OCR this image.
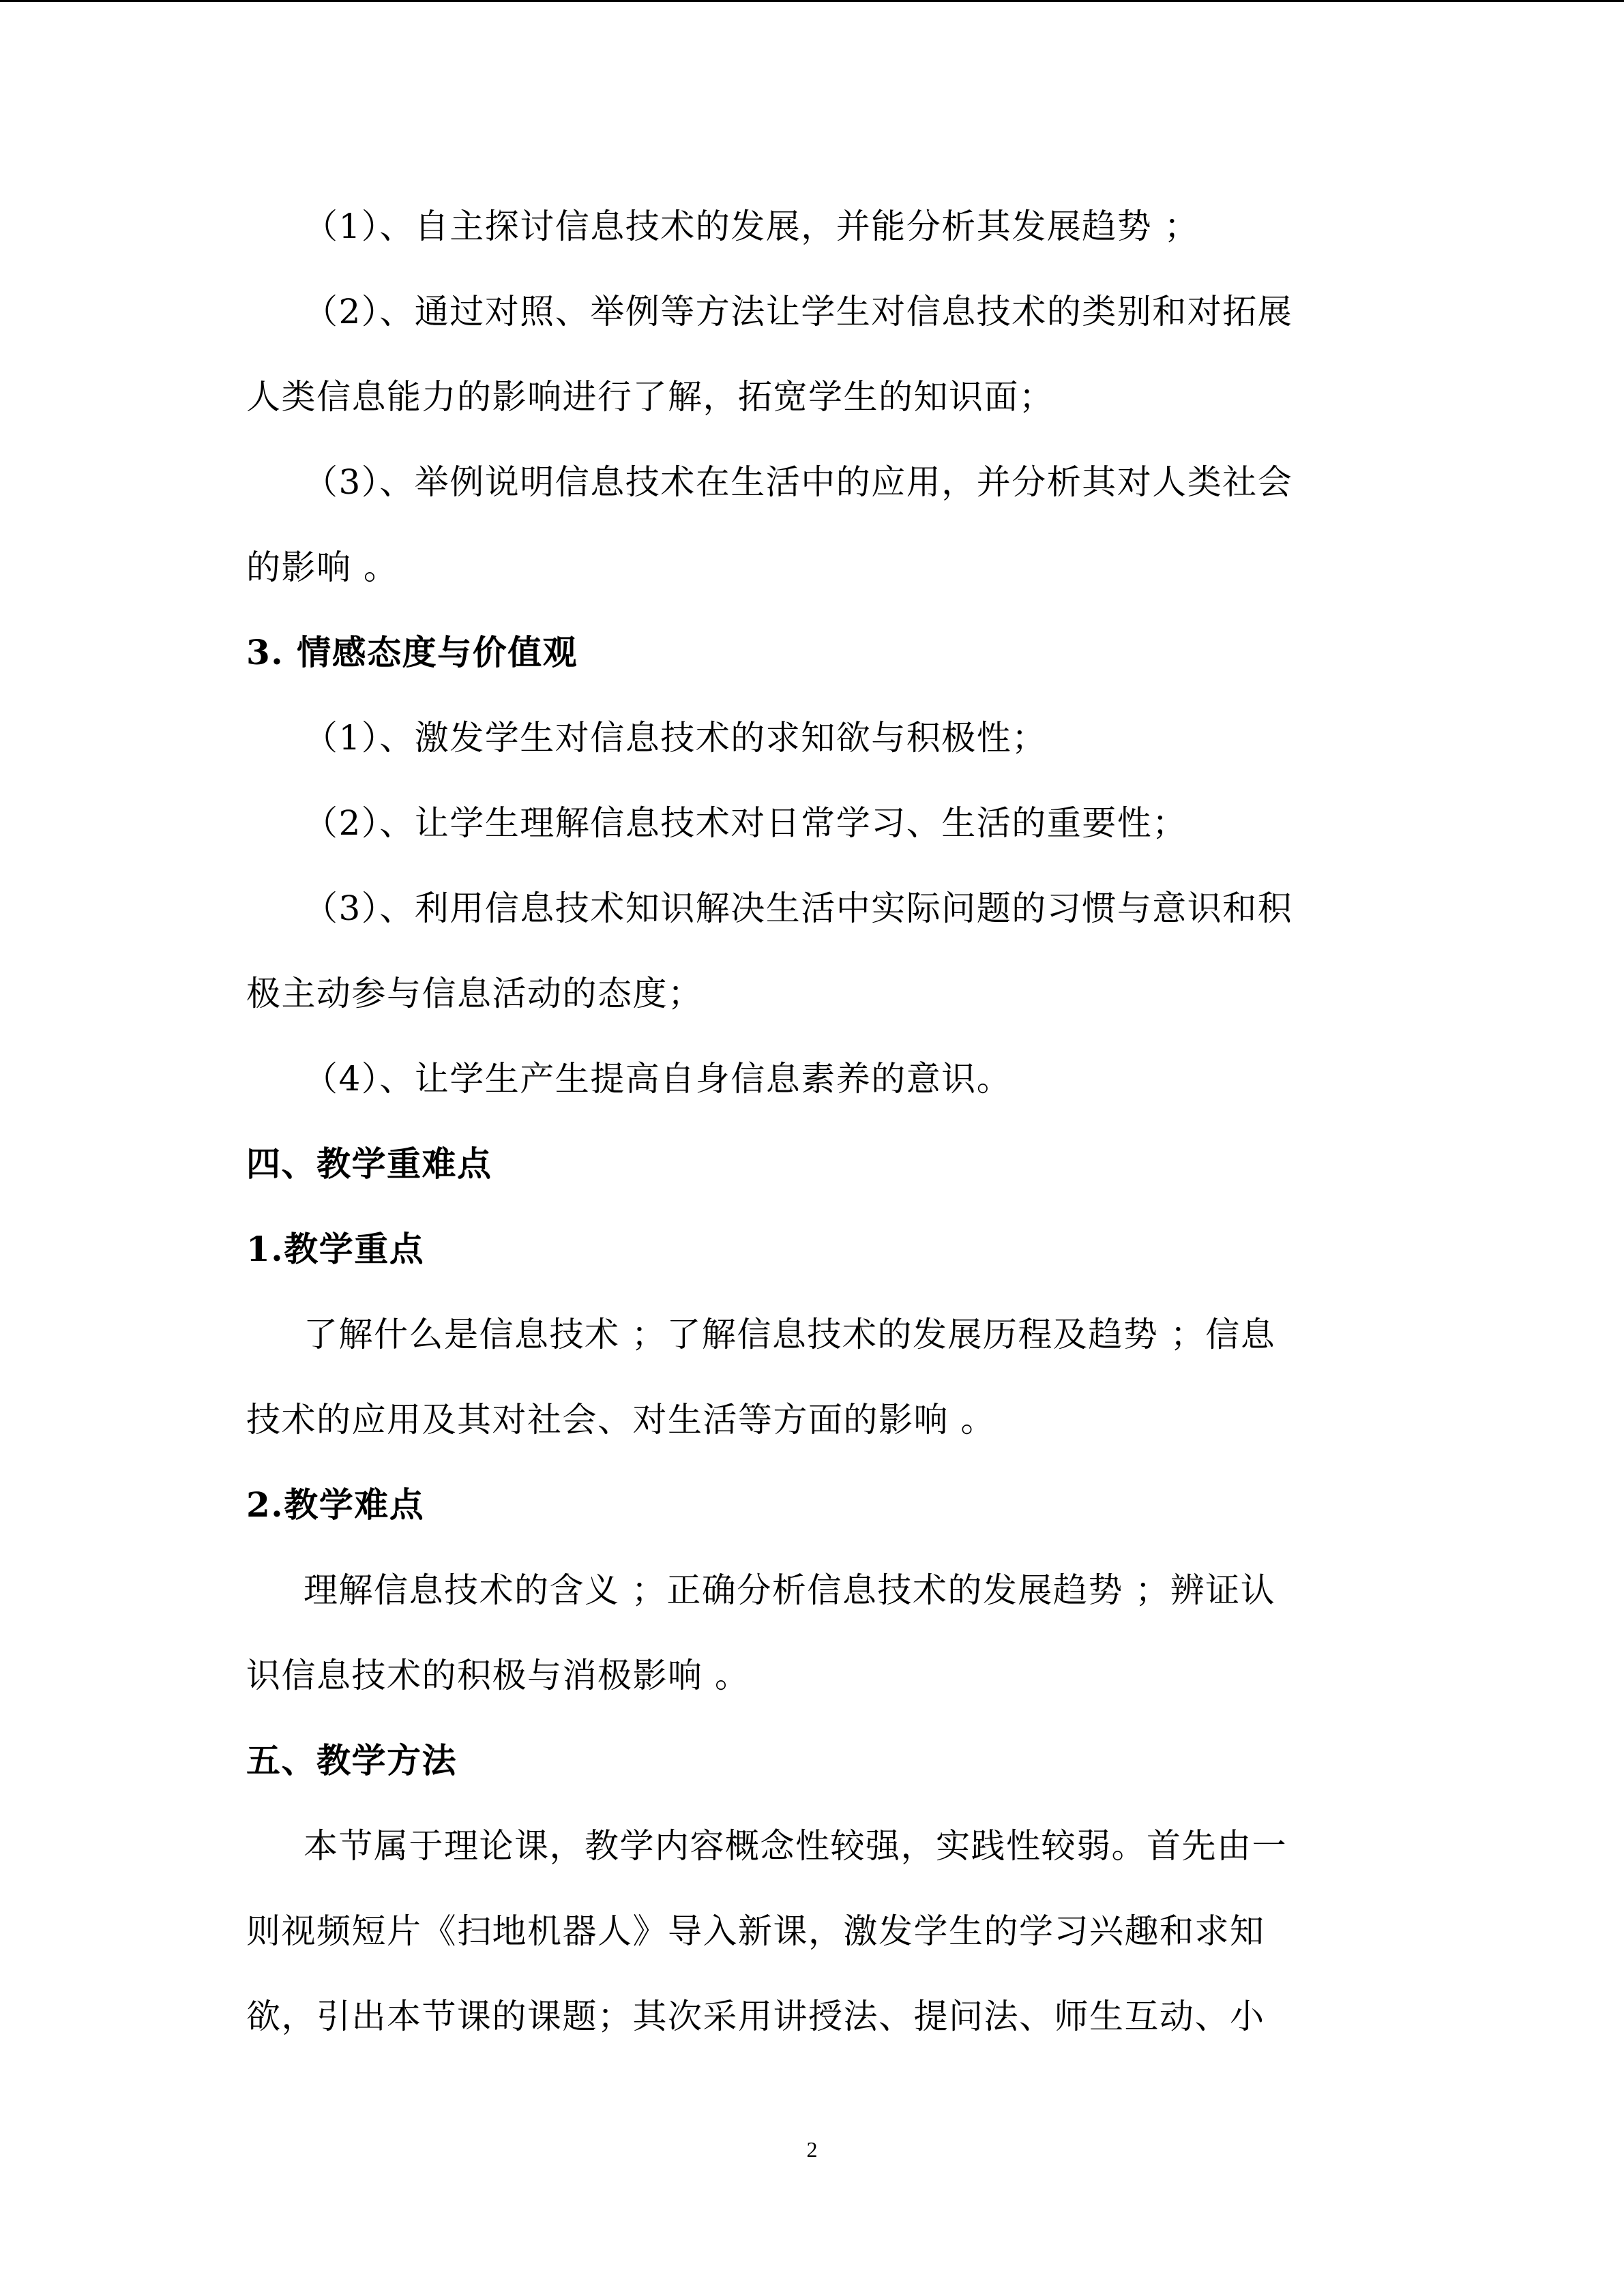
（1）、自主探讨信息技术的发展，并能分析其发展趋势 ；
（2）、通过对照、举例等方法让学生对信息技术的类别和对拓展
人类信息能力的影响进行了解，拓宽学生的知识面；
（3）、举例说明信息技术在生活中的应用，并分析其对人类社会
的影响 。
3. 情感态度与价值观
（1）、激发学生对信息技术的求知欲与积极性；
（2）、让学生理解信息技术对日常学习、生活的重要性；
（3）、利用信息技术知识解决生活中实际问题的习惯与意识和积
极主动参与信息活动的态度；
（4）、让学生产生提高自身信息素养的意识。
四、教学重难点
1.教学重点
了解什么是信息技术 ；了解信息技术的发展历程及趋势 ；信息
技术的应用及其对社会、对生活等方面的影响 。
2.教学难点
理解信息技术的含义 ；正确分析信息技术的发展趋势 ；辨证认
识信息技术的积极与消极影响 。
五、教学方法
本节属于理论课，教学内容概念性较强，实践性较弱。首先由一
则视频短片《扫地机器人》导入新课，激发学生的学习兴趣和求知
欲，引出本节课的课题；其次采用讲授法、提问法、师生互动、小
2
